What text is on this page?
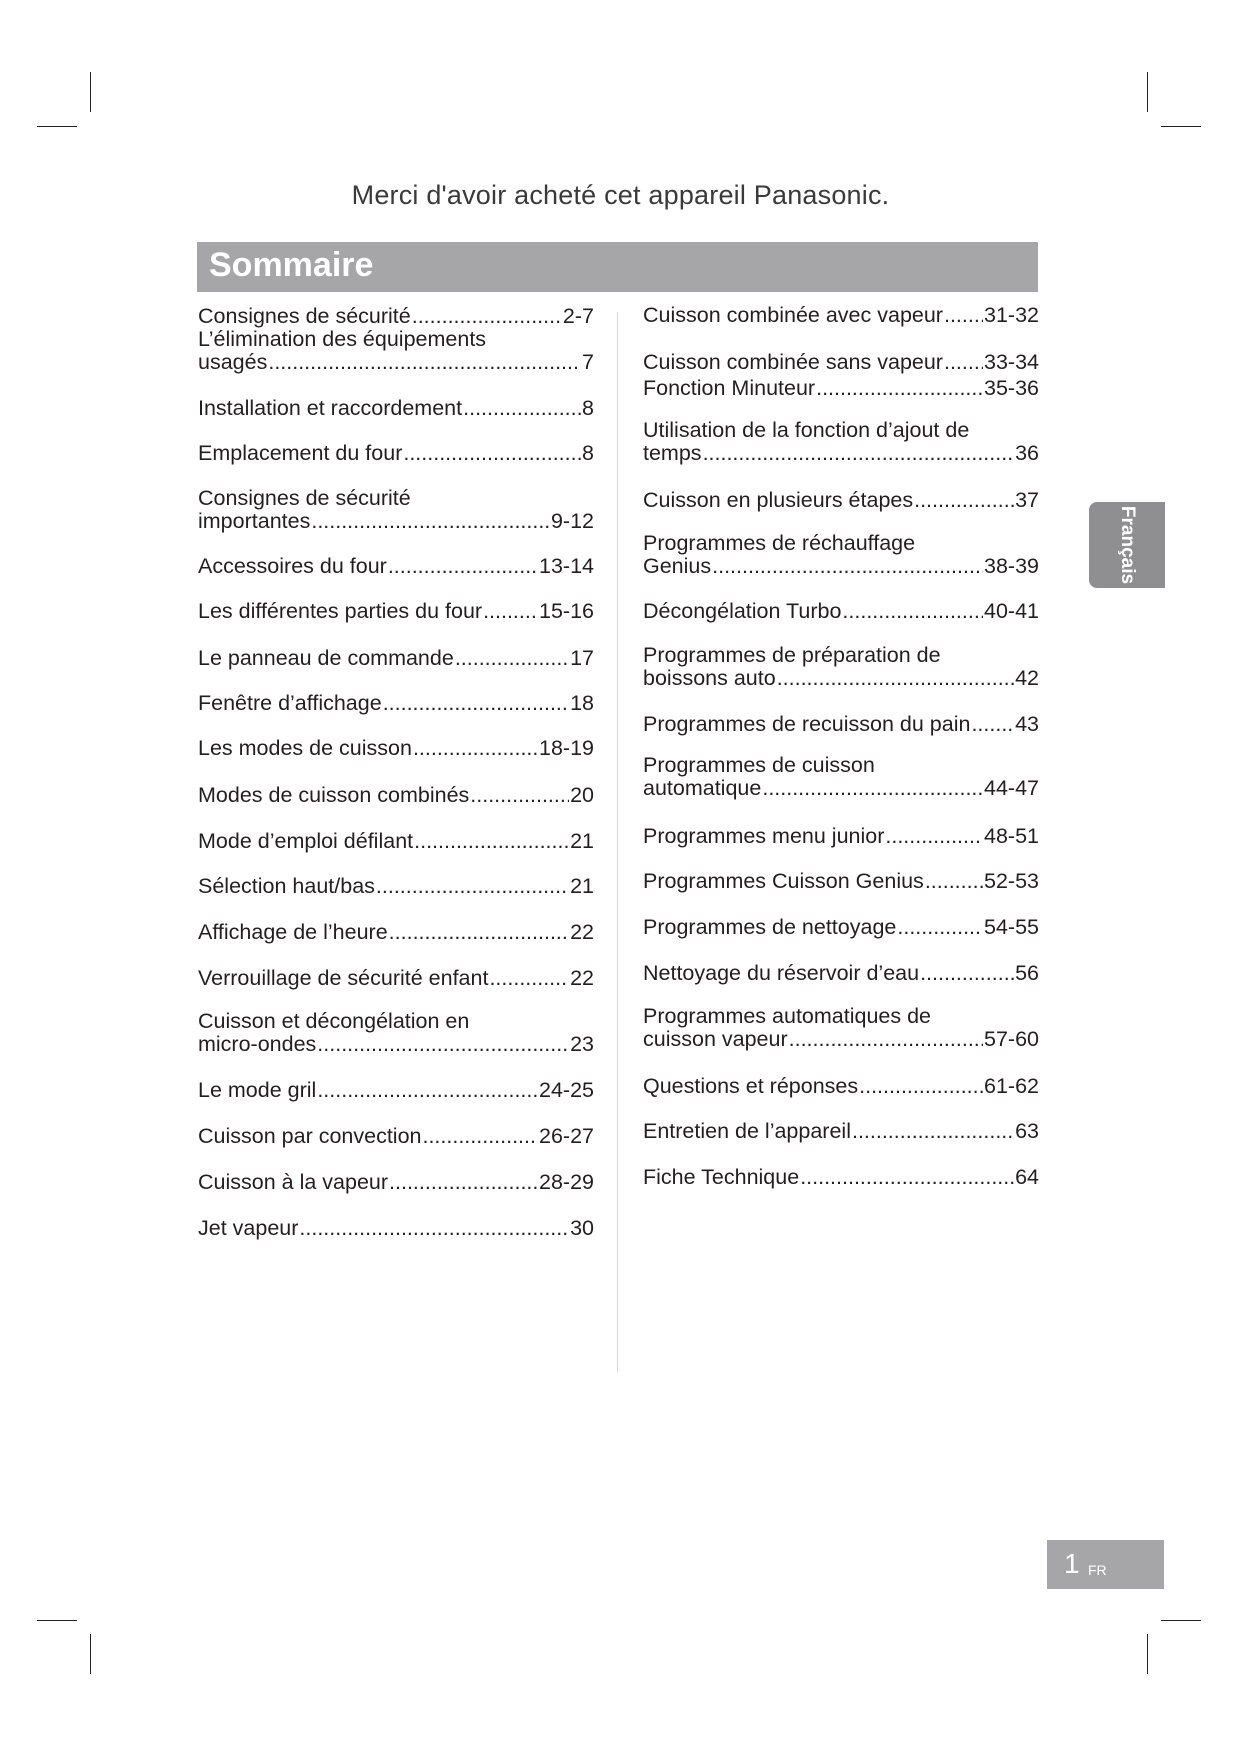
Merci d'avoir acheté cet appareil Panasonic.
Sommaire
Consignes de sécurité .....	2-7
L’élimination des équipements
usagés .....	7
Installation et raccordement .....	8
Emplacement du four .....	8
Consignes de sécurité
importantes .....	9-12
Accessoires du four .....	13-14
Les différentes parties du four .....	15-16
Le panneau de commande .....	17
Fenêtre d’affichage .....	18
Les modes de cuisson .....	18-19
Modes de cuisson combinés .....	20
Mode d’emploi défilant .....	21
Sélection haut/bas .....	21
Affichage de l’heure .....	22
Verrouillage de sécurité enfant .....	22
Cuisson et décongélation en
micro-ondes .....	23
Le mode gril .....	24-25
Cuisson par convection .....	26-27
Cuisson à la vapeur .....	28-29
Jet vapeur .....	30
Cuisson combinée avec vapeur ..... 31-32
Cuisson combinée sans vapeur ..... 33-34
Fonction Minuteur .....	35-36
Utilisation de la fonction d’ajout de
temps .....	36
Cuisson en plusieurs étapes .....	37
Programmes de réchauffage
Genius .....	38-39
Décongélation Turbo .....	40-41
Programmes de préparation de
boissons auto .....	42
Programmes de recuisson du pain ..... 43
Programmes de cuisson
automatique .....	44-47
Programmes menu junior .....	48-51
Programmes Cuisson Genius .....	52-53
Programmes de nettoyage .....	54-55
Nettoyage du réservoir d’eau .....	56
Programmes automatiques de
cuisson vapeur .....	57-60
Questions et réponses .....	61-62
Entretien de l’appareil .....	63
Fiche Technique .....	64
Français
1 FR
